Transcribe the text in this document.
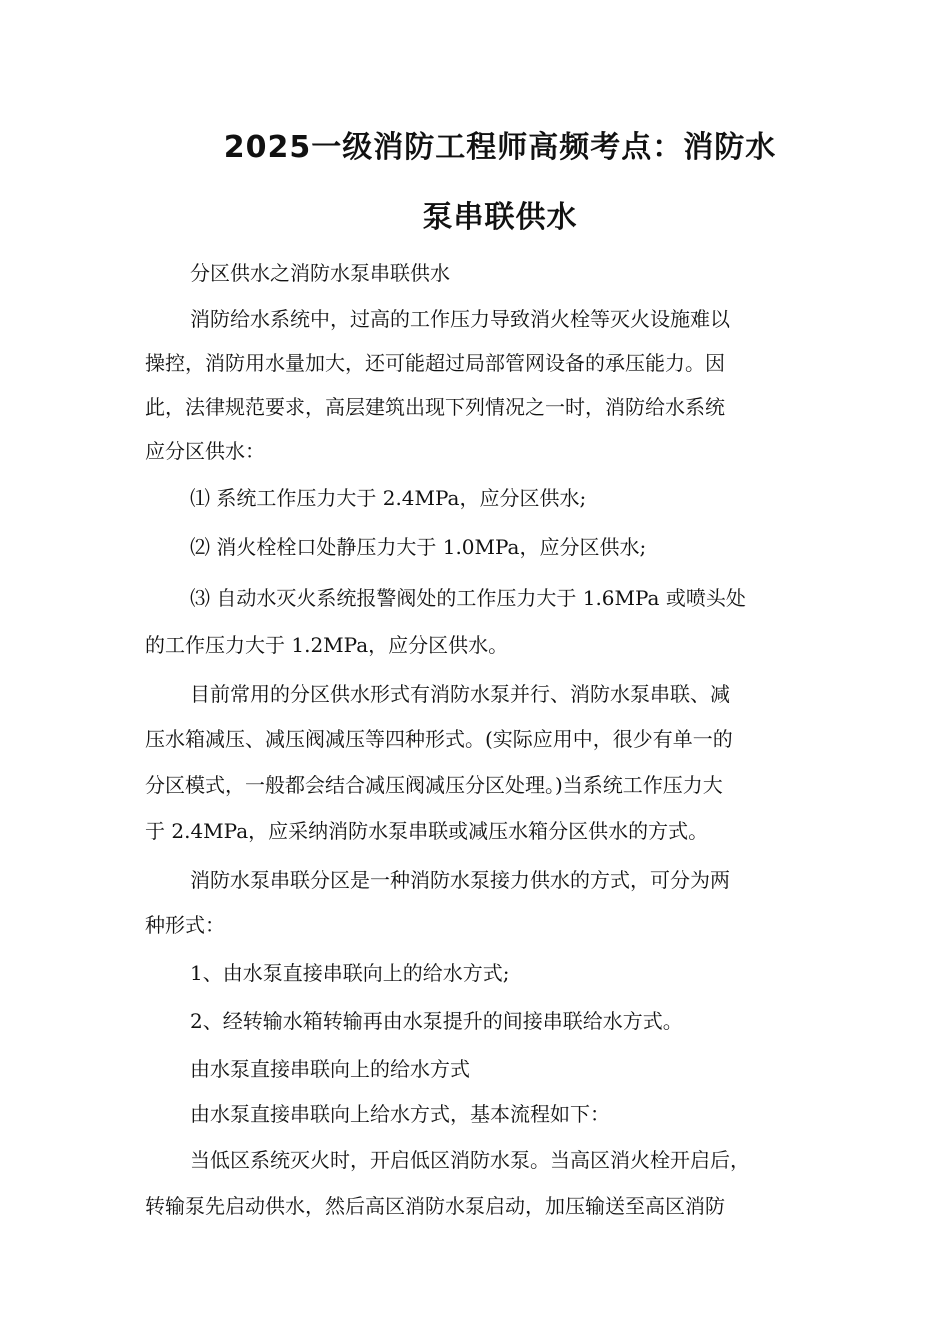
2025一级消防工程师高频考点：消防水
泵串联供水
分区供水之消防水泵串联供水
消防给水系统中，过高的工作压力导致消火栓等灭火设施难以
操控，消防用水量加大，还可能超过局部管网设备的承压能力。因
此，法律规范要求，高层建筑出现下列情况之一时，消防给水系统
应分区供水：
⑴ 系统工作压力大于 2.4MPa，应分区供水;
⑵ 消火栓栓口处静压力大于 1.0MPa，应分区供水;
⑶ 自动水灭火系统报警阀处的工作压力大于 1.6MPa 或喷头处
的工作压力大于 1.2MPa，应分区供水。
目前常用的分区供水形式有消防水泵并行、消防水泵串联、减
压水箱减压、减压阀减压等四种形式。(实际应用中，很少有单一的
分区模式，一般都会结合减压阀减压分区处理。)当系统工作压力大
于 2.4MPa，应采纳消防水泵串联或减压水箱分区供水的方式。
消防水泵串联分区是一种消防水泵接力供水的方式，可分为两
种形式：
1、由水泵直接串联向上的给水方式;
2、经转输水箱转输再由水泵提升的间接串联给水方式。
由水泵直接串联向上的给水方式
由水泵直接串联向上给水方式，基本流程如下：
当低区系统灭火时，开启低区消防水泵。当高区消火栓开启后，
转输泵先启动供水，然后高区消防水泵启动，加压输送至高区消防
